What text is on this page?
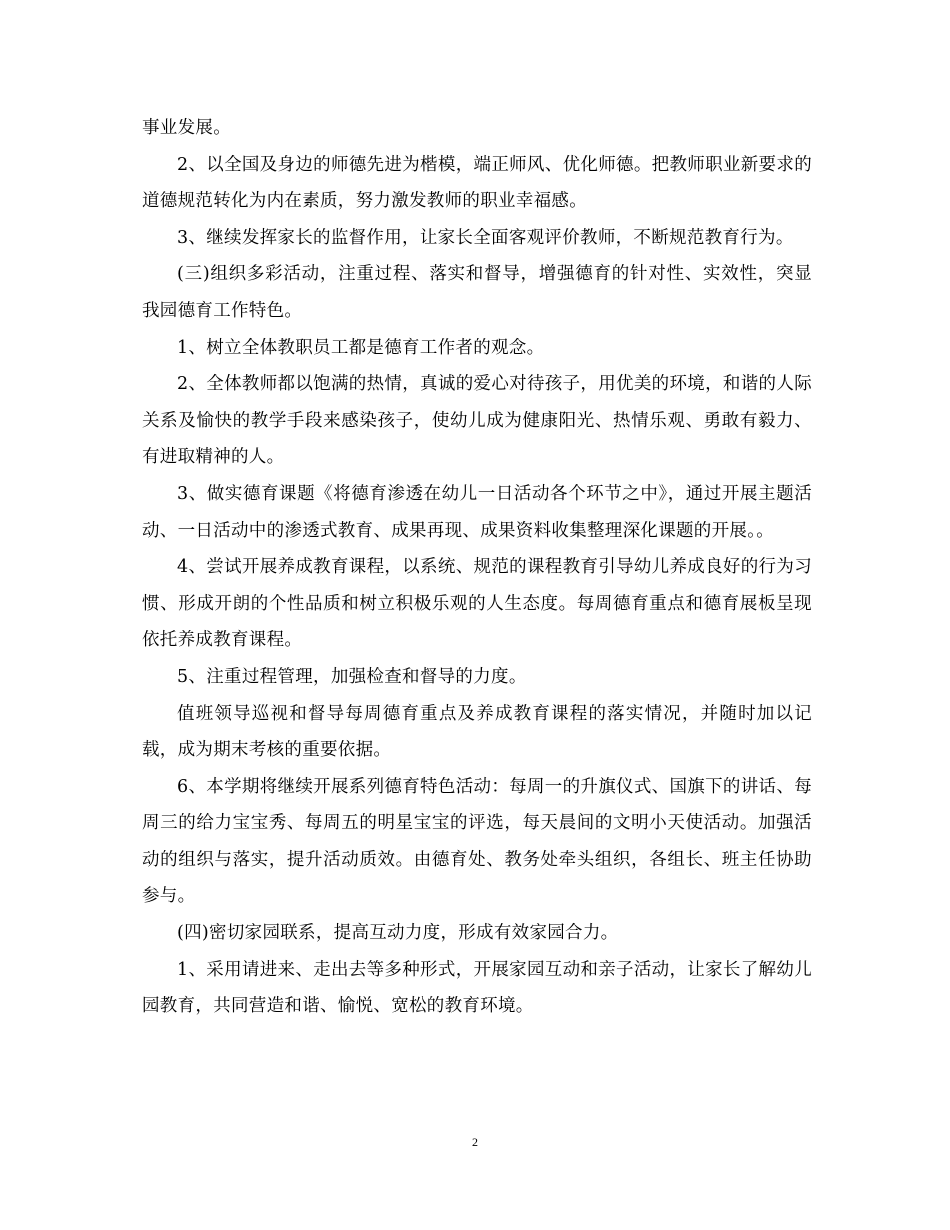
事业发展。

2、以全国及身边的师德先进为楷模，端正师风、优化师德。把教师职业新要求的道德规范转化为内在素质，努力激发教师的职业幸福感。

3、继续发挥家长的监督作用，让家长全面客观评价教师，不断规范教育行为。

(三)组织多彩活动，注重过程、落实和督导，增强德育的针对性、实效性，突显我园德育工作特色。

1、树立全体教职员工都是德育工作者的观念。

2、全体教师都以饱满的热情，真诚的爱心对待孩子，用优美的环境，和谐的人际关系及愉快的教学手段来感染孩子，使幼儿成为健康阳光、热情乐观、勇敢有毅力、有进取精神的人。

3、做实德育课题《将德育渗透在幼儿一日活动各个环节之中》，通过开展主题活动、一日活动中的渗透式教育、成果再现、成果资料收集整理深化课题的开展。。

4、尝试开展养成教育课程，以系统、规范的课程教育引导幼儿养成良好的行为习惯、形成开朗的个性品质和树立积极乐观的人生态度。每周德育重点和德育展板呈现依托养成教育课程。

5、注重过程管理，加强检查和督导的力度。

值班领导巡视和督导每周德育重点及养成教育课程的落实情况，并随时加以记载，成为期末考核的重要依据。

6、本学期将继续开展系列德育特色活动：每周一的升旗仪式、国旗下的讲话、每周三的给力宝宝秀、每周五的明星宝宝的评选，每天晨间的文明小天使活动。加强活动的组织与落实，提升活动质效。由德育处、教务处牵头组织，各组长、班主任协助参与。

(四)密切家园联系，提高互动力度，形成有效家园合力。

1、采用请进来、走出去等多种形式，开展家园互动和亲子活动，让家长了解幼儿园教育，共同营造和谐、愉悦、宽松的教育环境。

2
